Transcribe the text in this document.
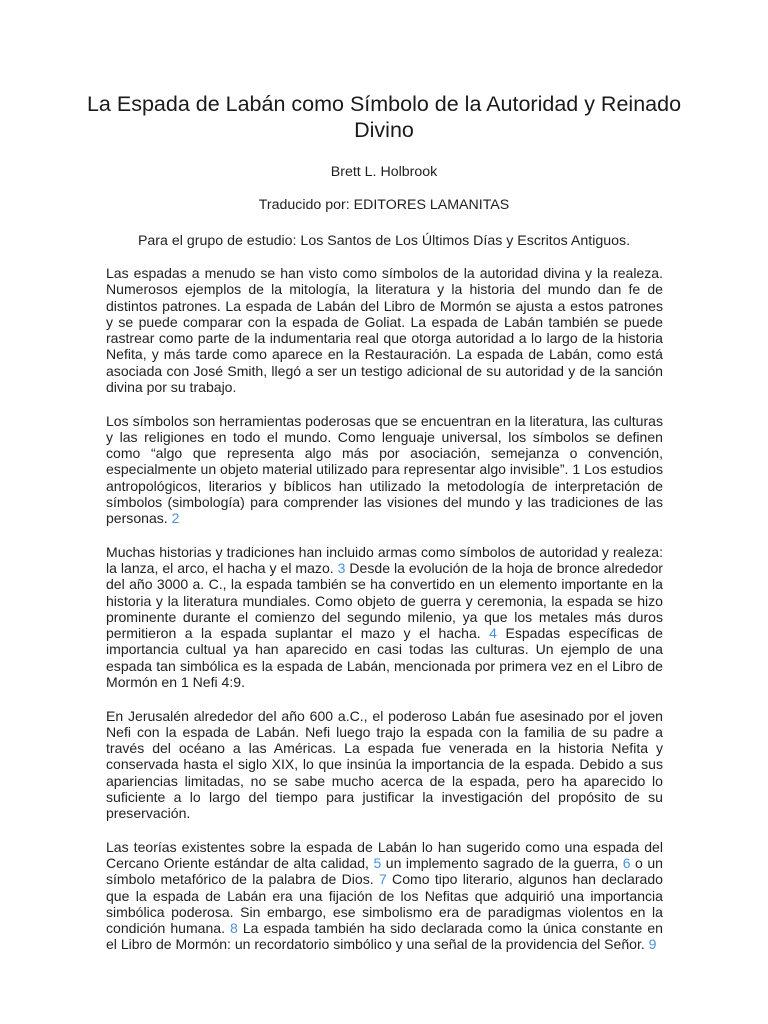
La Espada de Labán como Símbolo de la Autoridad y Reinado Divino

Brett L. Holbrook

Traducido por: EDITORES LAMANITAS

Para el grupo de estudio: Los Santos de Los Últimos Días y Escritos Antiguos.

Las espadas a menudo se han visto como símbolos de la autoridad divina y la realeza. Numerosos ejemplos de la mitología, la literatura y la historia del mundo dan fe de distintos patrones. La espada de Labán del Libro de Mormón se ajusta a estos patrones y se puede comparar con la espada de Goliat. La espada de Labán también se puede rastrear como parte de la indumentaria real que otorga autoridad a lo largo de la historia Nefita, y más tarde como aparece en la Restauración. La espada de Labán, como está asociada con José Smith, llegó a ser un testigo adicional de su autoridad y de la sanción divina por su trabajo.

Los símbolos son herramientas poderosas que se encuentran en la literatura, las culturas y las religiones en todo el mundo. Como lenguaje universal, los símbolos se definen como “algo que representa algo más por asociación, semejanza o convención, especialmente un objeto material utilizado para representar algo invisible”. 1 Los estudios antropológicos, literarios y bíblicos han utilizado la metodología de interpretación de símbolos (simbología) para comprender las visiones del mundo y las tradiciones de las personas. 2

Muchas historias y tradiciones han incluido armas como símbolos de autoridad y realeza: la lanza, el arco, el hacha y el mazo. 3 Desde la evolución de la hoja de bronce alrededor del año 3000 a. C., la espada también se ha convertido en un elemento importante en la historia y la literatura mundiales. Como objeto de guerra y ceremonia, la espada se hizo prominente durante el comienzo del segundo milenio, ya que los metales más duros permitieron a la espada suplantar el mazo y el hacha. 4 Espadas específicas de importancia cultual ya han aparecido en casi todas las culturas. Un ejemplo de una espada tan simbólica es la espada de Labán, mencionada por primera vez en el Libro de Mormón en 1 Nefi 4:9.

En Jerusalén alrededor del año 600 a.C., el poderoso Labán fue asesinado por el joven Nefi con la espada de Labán. Nefi luego trajo la espada con la familia de su padre a través del océano a las Américas. La espada fue venerada en la historia Nefita y conservada hasta el siglo XIX, lo que insinúa la importancia de la espada. Debido a sus apariencias limitadas, no se sabe mucho acerca de la espada, pero ha aparecido lo suficiente a lo largo del tiempo para justificar la investigación del propósito de su preservación.

Las teorías existentes sobre la espada de Labán lo han sugerido como una espada del Cercano Oriente estándar de alta calidad, 5 un implemento sagrado de la guerra, 6 o un símbolo metafórico de la palabra de Dios. 7 Como tipo literario, algunos han declarado que la espada de Labán era una fijación de los Nefitas que adquirió una importancia simbólica poderosa. Sin embargo, ese simbolismo era de paradigmas violentos en la condición humana. 8 La espada también ha sido declarada como la única constante en el Libro de Mormón: un recordatorio simbólico y una señal de la providencia del Señor. 9
